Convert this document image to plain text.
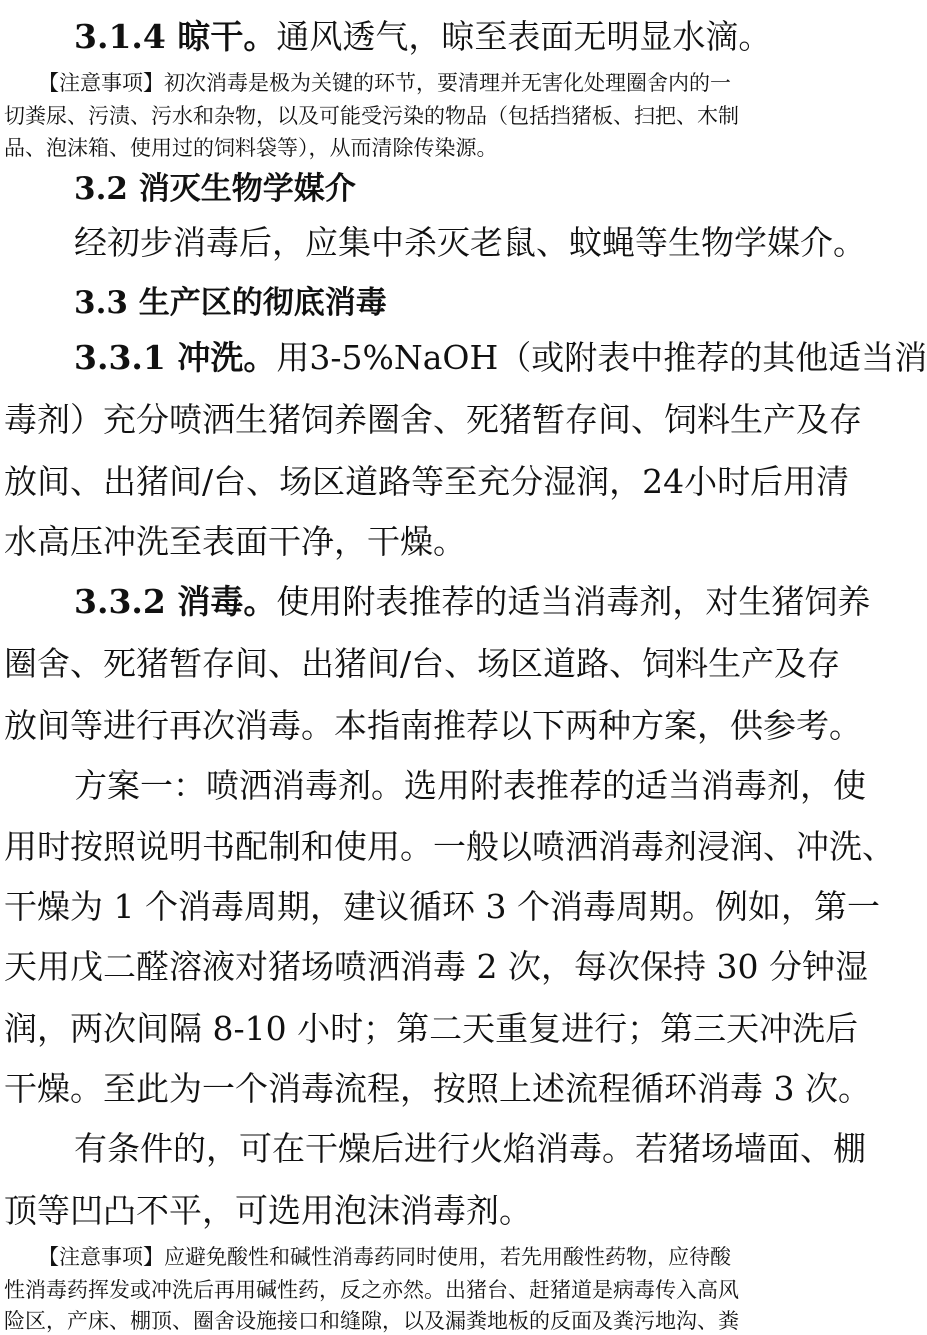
3.1.4 晾干。通风透气，晾至表面无明显水滴。
【注意事项】初次消毒是极为关键的环节，要清理并无害化处理圈舍内的一
切粪尿、污渍、污水和杂物，以及可能受污染的物品（包括挡猪板、扫把、木制
品、泡沫箱、使用过的饲料袋等），从而清除传染源。
3.2 消灭生物学媒介
经初步消毒后，应集中杀灭老鼠、蚊蝇等生物学媒介。
3.3 生产区的彻底消毒
3.3.1 冲洗。用3-5%NaOH（或附表中推荐的其他适当消
毒剂）充分喷洒生猪饲养圈舍、死猪暂存间、饲料生产及存
放间、出猪间/台、场区道路等至充分湿润，24小时后用清
水高压冲洗至表面干净，干燥。
3.3.2 消毒。使用附表推荐的适当消毒剂，对生猪饲养
圈舍、死猪暂存间、出猪间/台、场区道路、饲料生产及存
放间等进行再次消毒。本指南推荐以下两种方案，供参考。
方案一：喷洒消毒剂。选用附表推荐的适当消毒剂，使
用时按照说明书配制和使用。一般以喷洒消毒剂浸润、冲洗、
干燥为 1 个消毒周期，建议循环 3 个消毒周期。例如，第一
天用戊二醛溶液对猪场喷洒消毒 2 次，每次保持 30 分钟湿
润，两次间隔 8-10 小时；第二天重复进行；第三天冲洗后
干燥。至此为一个消毒流程，按照上述流程循环消毒 3 次。
有条件的，可在干燥后进行火焰消毒。若猪场墙面、棚
顶等凹凸不平，可选用泡沫消毒剂。
【注意事项】应避免酸性和碱性消毒药同时使用，若先用酸性药物，应待酸
性消毒药挥发或冲洗后再用碱性药，反之亦然。出猪台、赶猪道是病毒传入高风
险区，产床、棚顶、圈舍设施接口和缝隙，以及漏粪地板的反面及粪污地沟、粪
